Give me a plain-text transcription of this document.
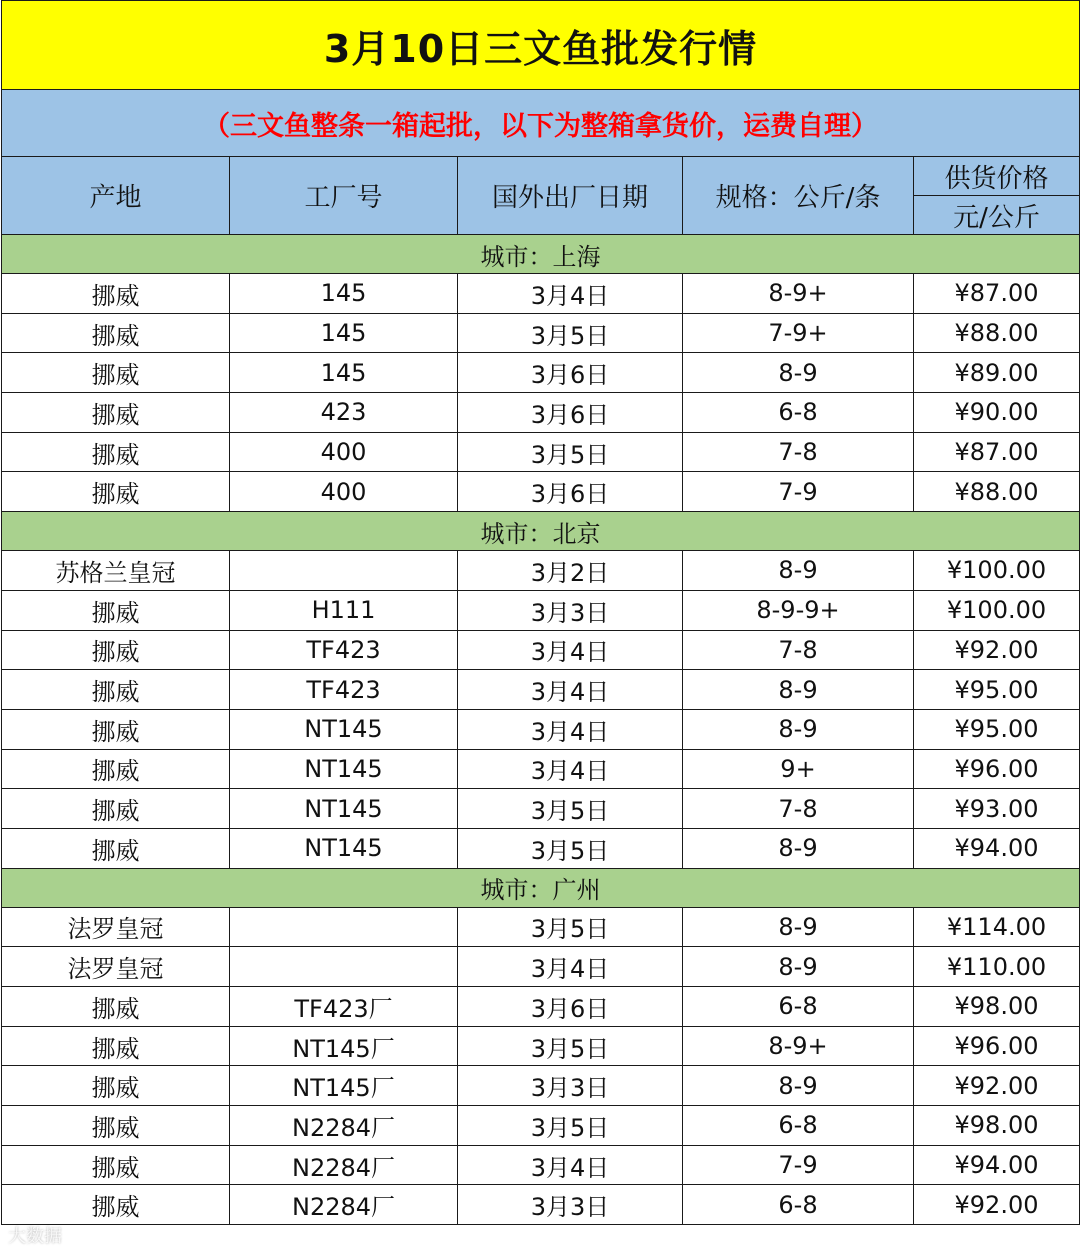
3月10日三文鱼批发行情				
（三文鱼整条一箱起批，以下为整箱拿货价，运费自理）				
产地	工厂号	国外出厂日期	规格：公斤/条	供货价格
				元/公斤
城市：上海				
挪威	145	3月4日	8-9+	¥87.00
挪威	145	3月5日	7-9+	¥88.00
挪威	145	3月6日	8-9	¥89.00
挪威	423	3月6日	6-8	¥90.00
挪威	400	3月5日	7-8	¥87.00
挪威	400	3月6日	7-9	¥88.00
城市：北京				
苏格兰皇冠		3月2日	8-9	¥100.00
挪威	H111	3月3日	8-9-9+	¥100.00
挪威	TF423	3月4日	7-8	¥92.00
挪威	TF423	3月4日	8-9	¥95.00
挪威	NT145	3月4日	8-9	¥95.00
挪威	NT145	3月4日	9+	¥96.00
挪威	NT145	3月5日	7-8	¥93.00
挪威	NT145	3月5日	8-9	¥94.00
城市：广州				
法罗皇冠		3月5日	8-9	¥114.00
法罗皇冠		3月4日	8-9	¥110.00
挪威	TF423厂	3月6日	6-8	¥98.00
挪威	NT145厂	3月5日	8-9+	¥96.00
挪威	NT145厂	3月3日	8-9	¥92.00
挪威	N2284厂	3月5日	6-8	¥98.00
挪威	N2284厂	3月4日	7-9	¥94.00
挪威	N2284厂	3月3日	6-8	¥92.00
大数据
